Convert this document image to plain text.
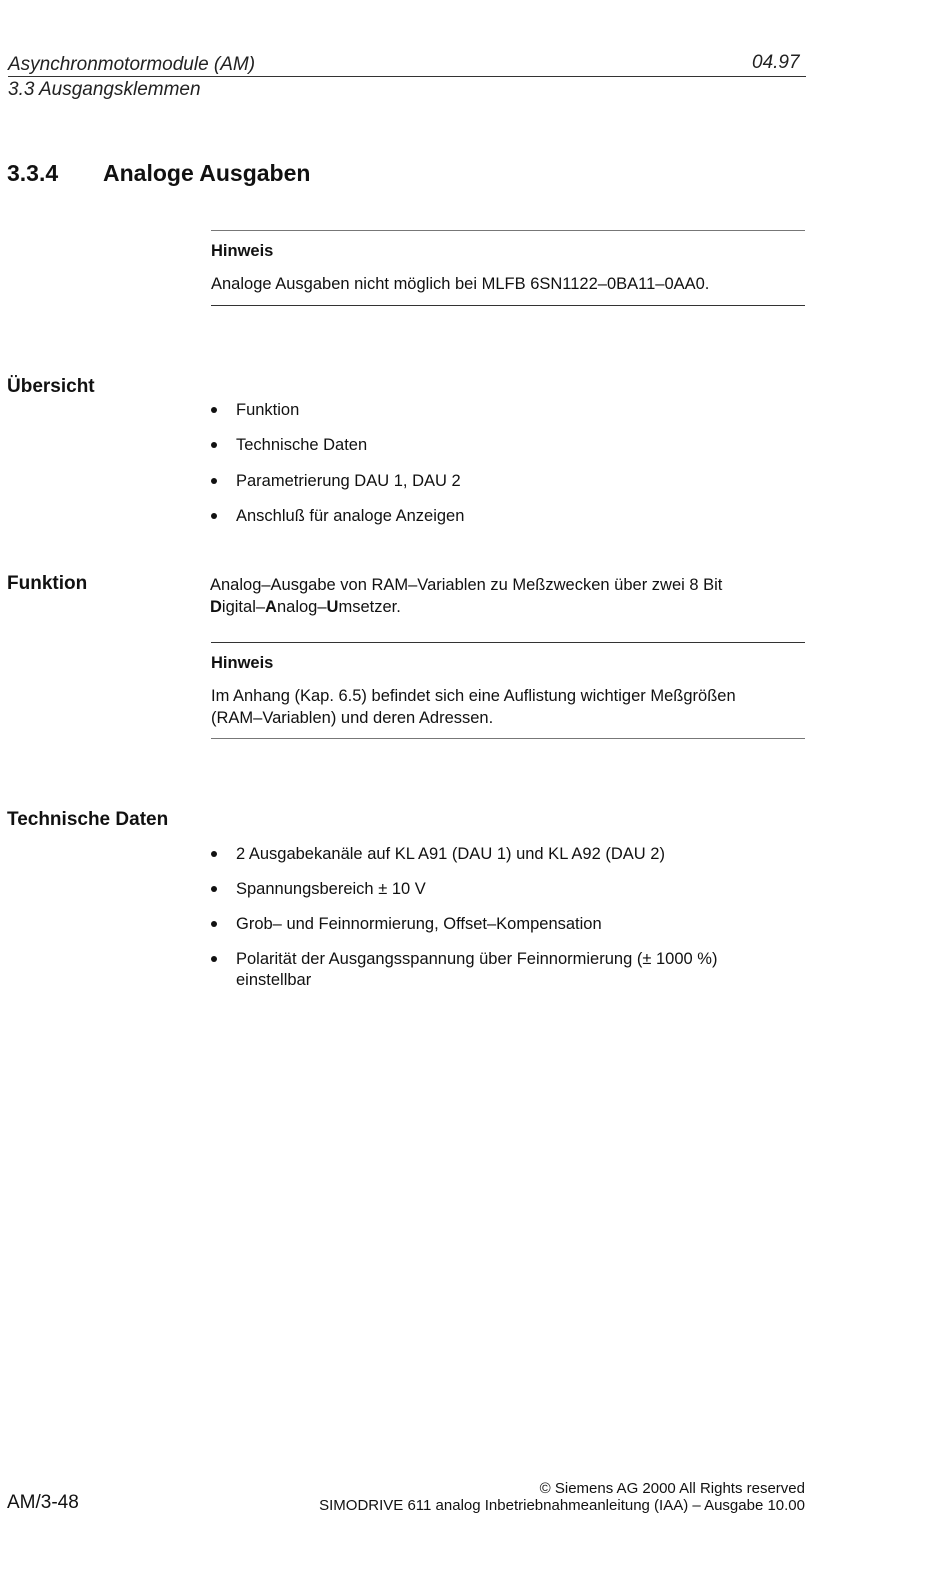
Asynchronmotormodule (AM)	04.97
3.3 Ausgangsklemmen
3.3.4 Analoge Ausgaben
Hinweis
Analoge Ausgaben nicht möglich bei MLFB 6SN1122–0BA11–0AA0.
Übersicht
Funktion
Technische Daten
Parametrierung DAU 1, DAU 2
Anschluß für analoge Anzeigen
Funktion	Analog–Ausgabe von RAM–Variablen zu Meßzwecken über zwei 8 Bit
Digital–Analog–Umsetzer.
Hinweis
Im Anhang (Kap. 6.5) befindet sich eine Auflistung wichtiger Meßgrößen
(RAM–Variablen) und deren Adressen.
Technische Daten
2 Ausgabekanäle auf KL A91 (DAU 1) und KL A92 (DAU 2)
Spannungsbereich ± 10 V
Grob– und Feinnormierung, Offset–Kompensation
Polarität der Ausgangsspannung über Feinnormierung (± 1000 %)
einstellbar
AM/3-48
© Siemens AG 2000 All Rights reserved
SIMODRIVE 611 analog Inbetriebnahmeanleitung (IAA) – Ausgabe 10.00
